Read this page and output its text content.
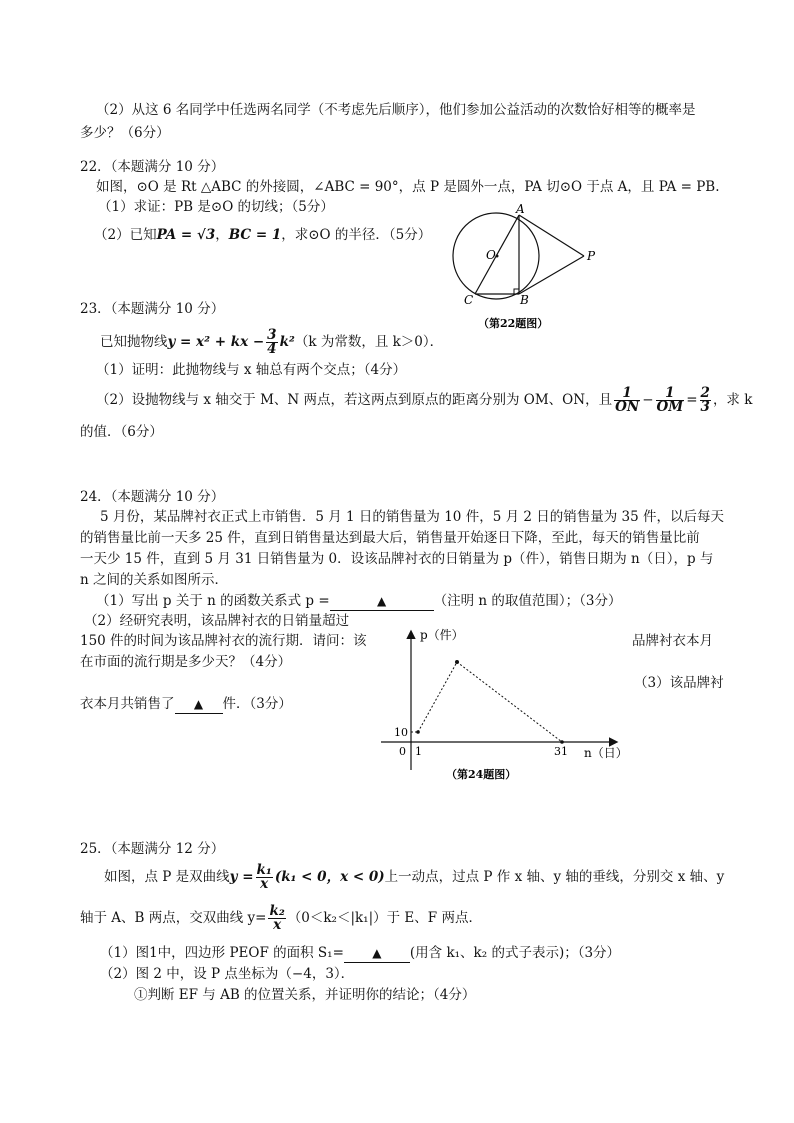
（2）从这 6 名同学中任选两名同学（不考虑先后顺序），他们参加公益活动的次数恰好相等的概率是
多少？（6分）
22．（本题满分 10 分）
如图，⊙O 是 Rt △ABC 的外接圆，∠ABC = 90°，点 P 是圆外一点，PA 切⊙O 于点 A，且 PA = PB.
（1）求证：PB 是⊙O 的切线；（5分）
（2）已知PA = √3，BC = 1，求⊙O 的半径．（5分）
A
O	P
C	B
（第22题图）
23．（本题满分 10 分）
已知抛物线y = x² + kx − $\frac{3}{4} k^2(k$ 为常数，且 k＞0）．
（1）证明：此抛物线与 x 轴总有两个交点；（4分）
（2）设抛物线与 x 轴交于 M、N 两点，若这两点到原点的距离分别为 OM、ON，且 $\frac{1}{ON} - \frac{1}{OM} = \frac{2}{3}$ ，求 k
的值．（6分）
24．（本题满分 10 分）
5 月份，某品牌衬衣正式上市销售．5 月 1 日的销售量为 10 件，5 月 2 日的销售量为 35 件，以后每天
的销售量比前一天多 25 件，直到日销售量达到最大后，销售量开始逐日下降，至此，每天的销售量比前
一天少 15 件，直到 5 月 31 日销售量为 0．设该品牌衬衣的日销量为 p（件），销售日期为 n（日），p 与
n 之间的关系如图所示．
（1）写出 p 关于 n 的函数关系式 p =	▲	（注明 n 的取值范围）；（3分）
（2）经研究表明，该品牌衬衣的日销量超过
150 件的时间为该品牌衬衣的流行期．请问：该	品牌衬衣本月
在市面的流行期是多少天？（4分）
（3）该品牌衬
衣本月共销售了 ▲ 件．（3分）
p（件）
n（日）
10
0 1	31
（第24题图）
25．（本题满分 12 分）
如图，点 P 是双曲线$y = \frac{\text{k₁}}{x} (k_1 < 0$，x < 0)上一动点，过点 P 作 x 轴、y 轴的垂线，分别交 x 轴、y
轴于 A、B 两点，交双曲线 $y= \frac{\text{k₂}}{x} (0<k_2<|k_1|)$于 E、F 两点．
（1）图1中，四边形 PEOF 的面积 S₁= ▲ (用含 k₁、k₂ 的式子表示)；（3分）
（2）图 2 中，设 P 点坐标为（−4，3）．
①判断 EF 与 AB 的位置关系，并证明你的结论；（4分）
